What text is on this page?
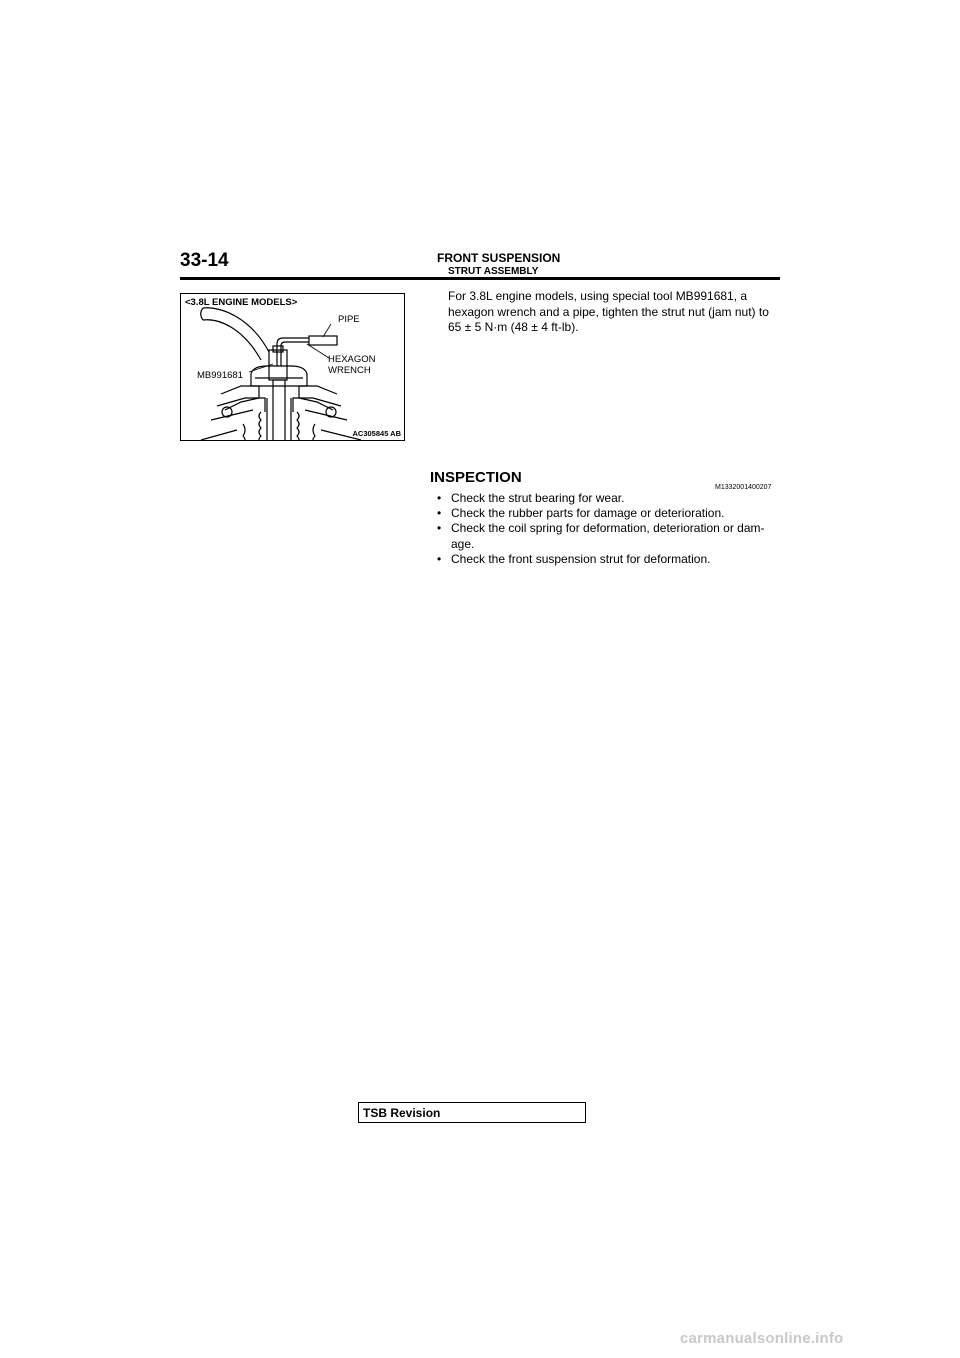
33-14	FRONT SUSPENSION
STRUT ASSEMBLY
<3.8L ENGINE MODELS>
PIPE
HEXAGON
WRENCH
MB991681
AC305845 AB
For 3.8L engine models, using special tool MB991681, a hexagon wrench and a pipe, tighten the strut nut (jam nut) to 65 ± 5 N·m (48 ± 4 ft-lb).
INSPECTION
M1332001400207
• Check the strut bearing for wear.
• Check the rubber parts for damage or deterioration.
• Check the coil spring for deformation, deterioration or dam-age.
• Check the front suspension strut for deformation.
TSB Revision
carmanualsonline.info
